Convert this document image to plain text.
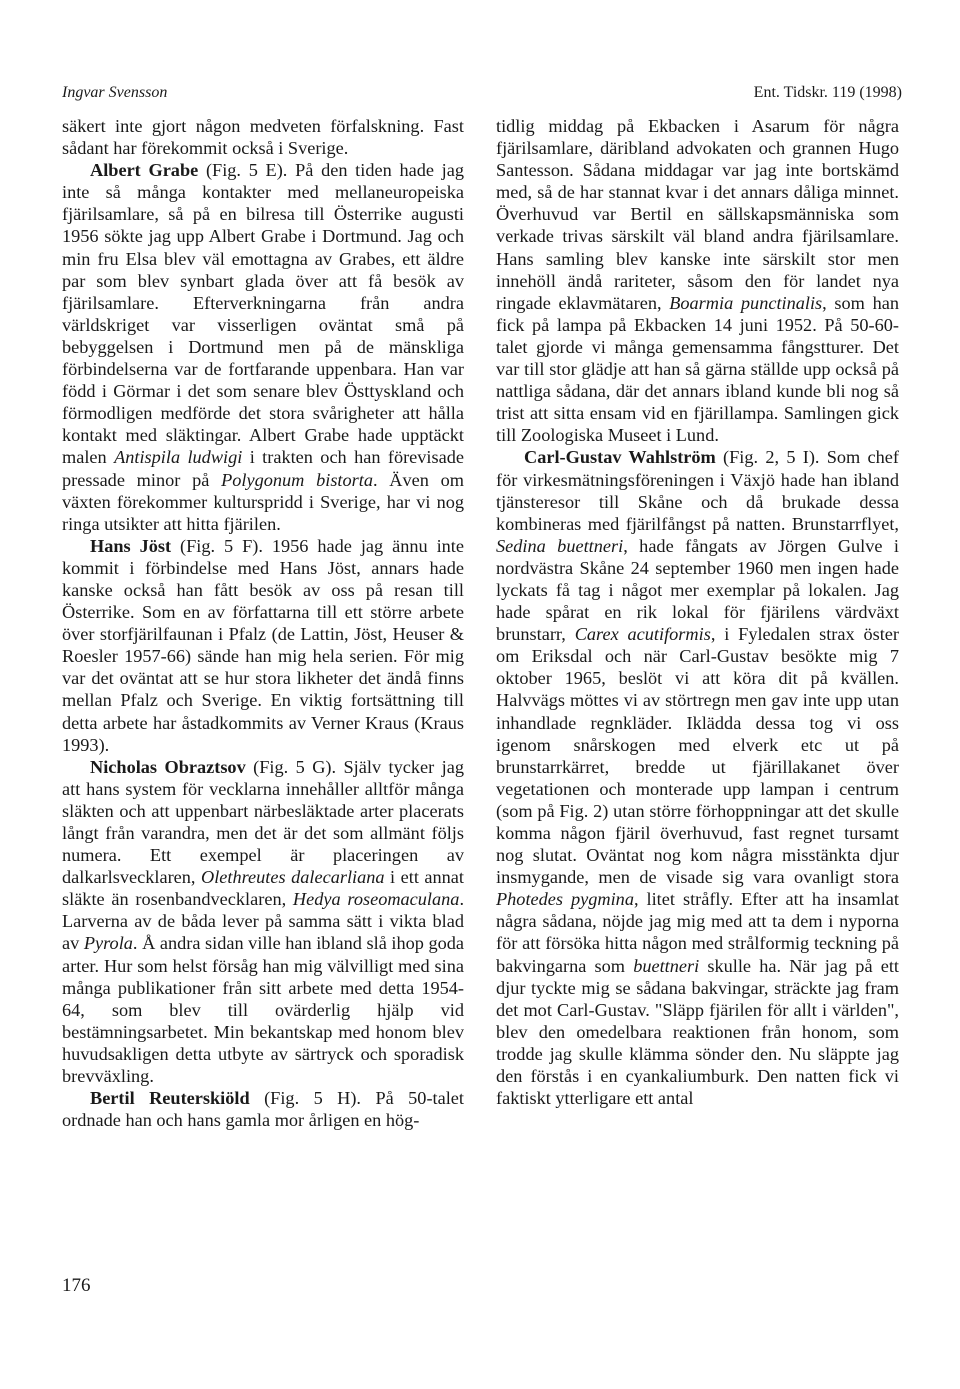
Ingvar Svensson	Ent. Tidskr. 119 (1998)

säkert inte gjort någon medveten förfalskning. Fast sådant har förekommit också i Sverige.

Albert Grabe (Fig. 5 E). På den tiden hade jag inte så många kontakter med mellaneuropeiska fjärilsamlare, så på en bilresa till Österrike augusti 1956 sökte jag upp Albert Grabe i Dortmund. Jag och min fru Elsa blev väl emottagna av Grabes, ett äldre par som blev synbart glada över att få besök av fjärilsamlare. Efterverkningarna från andra världskriget var visserligen oväntat små på bebyggelsen i Dortmund men på de mänskliga förbindelserna var de fortfarande uppenbara. Han var född i Görmar i det som senare blev Östtyskland och förmodligen medförde det stora svårigheter att hålla kontakt med släktingar. Albert Grabe hade upptäckt malen Antispila ludwigi i trakten och han förevisade pressade minor på Polygonum bistorta. Även om växten förekommer kulturspridd i Sverige, har vi nog ringa utsikter att hitta fjärilen.

Hans Jöst (Fig. 5 F). 1956 hade jag ännu inte kommit i förbindelse med Hans Jöst, annars hade kanske också han fått besök av oss på resan till Österrike. Som en av författarna till ett större arbete över storfjärilfaunan i Pfalz (de Lattin, Jöst, Heuser & Roesler 1957-66) sände han mig hela serien. För mig var det oväntat att se hur stora likheter det ändå finns mellan Pfalz och Sverige. En viktig fortsättning till detta arbete har åstadkommits av Verner Kraus (Kraus 1993).

Nicholas Obraztsov (Fig. 5 G). Själv tycker jag att hans system för vecklarna innehåller alltför många släkten och att uppenbart närbesläktade arter placerats långt från varandra, men det är det som allmänt följs numera. Ett exempel är placeringen av dalkarlsvecklaren, Olethreutes dalecarliana i ett annat släkte än rosenbandvecklaren, Hedya roseomaculana. Larverna av de båda lever på samma sätt i vikta blad av Pyrola. Å andra sidan ville han ibland slå ihop goda arter. Hur som helst försåg han mig välvilligt med sina många publikationer från sitt arbete med detta 1954-64, som blev till ovärderlig hjälp vid bestämningsarbetet. Min bekantskap med honom blev huvudsakligen detta utbyte av särtryck och sporadisk brevväxling.

Bertil Reuterskiöld (Fig. 5 H). På 50-talet ordnade han och hans gamla mor årligen en hög-

tidlig middag på Ekbacken i Asarum för några fjärilsamlare, däribland advokaten och grannen Hugo Santesson. Sådana middagar var jag inte bortskämd med, så de har stannat kvar i det annars dåliga minnet. Överhuvud var Bertil en sällskapsmänniska som verkade trivas särskilt väl bland andra fjärilsamlare. Hans samling blev kanske inte särskilt stor men innehöll ändå rariteter, såsom den för landet nya ringade eklavmätaren, Boarmia punctinalis, som han fick på lampa på Ekbacken 14 juni 1952. På 50-60-talet gjorde vi många gemensamma fångstturer. Det var till stor glädje att han så gärna ställde upp också på nattliga sådana, där det annars ibland kunde bli nog så trist att sitta ensam vid en fjärillampa. Samlingen gick till Zoologiska Museet i Lund.

Carl-Gustav Wahlström (Fig. 2, 5 I). Som chef för virkesmätningsföreningen i Växjö hade han ibland tjänsteresor till Skåne och då brukade dessa kombineras med fjärilfångst på natten. Brunstarrflyet, Sedina buettneri, hade fångats av Jörgen Gulve i nordvästra Skåne 24 september 1960 men ingen hade lyckats få tag i något mer exemplar på lokalen. Jag hade spårat en rik lokal för fjärilens värdväxt brunstarr, Carex acutiformis, i Fyledalen strax öster om Eriksdal och när Carl-Gustav besökte mig 7 oktober 1965, beslöt vi att köra dit på kvällen. Halvvägs möttes vi av störtregn men gav inte upp utan inhandlade regnkläder. Iklädda dessa tog vi oss igenom snårskogen med elverk etc ut på brunstarrkärret, bredde ut fjärillakanet över vegetationen och monterade upp lampan i centrum (som på Fig. 2) utan större förhoppningar att det skulle komma någon fjäril överhuvud, fast regnet tursamt nog slutat. Oväntat nog kom några misstänkta djur insmygande, men de visade sig vara ovanligt stora Photedes pygmina, litet stråfly. Efter att ha insamlat några sådana, nöjde jag mig med att ta dem i nyporna för att försöka hitta någon med strålformig teckning på bakvingarna som buettneri skulle ha. När jag på ett djur tyckte mig se sådana bakvingar, sträckte jag fram det mot Carl-Gustav. "Släpp fjärilen för allt i världen", blev den omedelbara reaktionen från honom, som trodde jag skulle klämma sönder den. Nu släppte jag den förstås i en cyankaliumburk. Den natten fick vi faktiskt ytterligare ett antal

176
